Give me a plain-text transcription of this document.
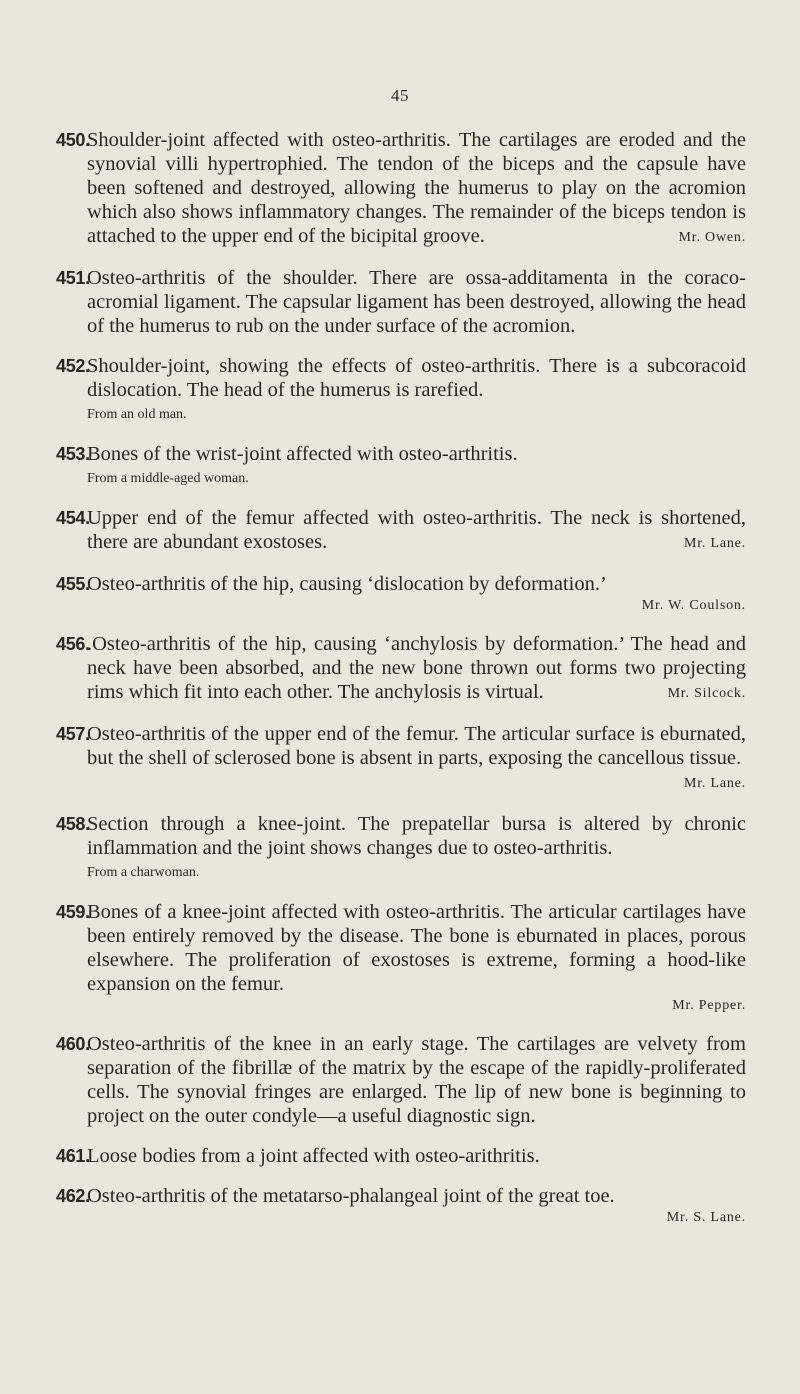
45
450.
Shoulder-joint affected with osteo-arthritis. The cartilages are eroded and the synovial villi hypertrophied. The tendon of the biceps and the capsule have been softened and destroyed, allowing the humerus to play on the acromion which also shows inflammatory changes. The remainder of the biceps tendon is attached to the upper end of the bicipital groove.	Mr. Owen.
451.
Osteo-arthritis of the shoulder. There are ossa-additamenta in the coraco-acromial ligament. The capsular ligament has been destroyed, allowing the head of the humerus to rub on the under surface of the acromion.
452.
Shoulder-joint, showing the effects of osteo-arthritis. There is a subcoracoid dislocation. The head of the humerus is rarefied.
From an old man.
453.
Bones of the wrist-joint affected with osteo-arthritis.
From a middle-aged woman.
454.
Upper end of the femur affected with osteo-arthritis. The neck is shortened, there are abundant exostoses.	Mr. Lane.
455.
Osteo-arthritis of the hip, causing ‘dislocation by deformation.’
Mr. W. Coulson.
456.
.Osteo-arthritis of the hip, causing ‘anchylosis by deformation.’ The head and neck have been absorbed, and the new bone thrown out forms two projecting rims which fit into each other. The anchylosis is virtual.	Mr. Silcock.
457.
Osteo-arthritis of the upper end of the femur. The articular surface is eburnated, but the shell of sclerosed bone is absent in parts, exposing the cancellous tissue.
Mr. Lane.
458.
Section through a knee-joint. The prepatellar bursa is altered by chronic inflammation and the joint shows changes due to osteo-arthritis.
From a charwoman.
459.
Bones of a knee-joint affected with osteo-arthritis. The articular cartilages have been entirely removed by the disease. The bone is eburnated in places, porous elsewhere. The proliferation of exostoses is extreme, forming a hood-like expansion on the femur.
Mr. Pepper.
460.
Osteo-arthritis of the knee in an early stage. The cartilages are velvety from separation of the fibrillæ of the matrix by the escape of the rapidly-proliferated cells. The synovial fringes are enlarged. The lip of new bone is beginning to project on the outer condyle—a useful diagnostic sign.
461.
Loose bodies from a joint affected with osteo-arithritis.
462.
Osteo-arthritis of the metatarso-phalangeal joint of the great toe.
Mr. S. Lane.
